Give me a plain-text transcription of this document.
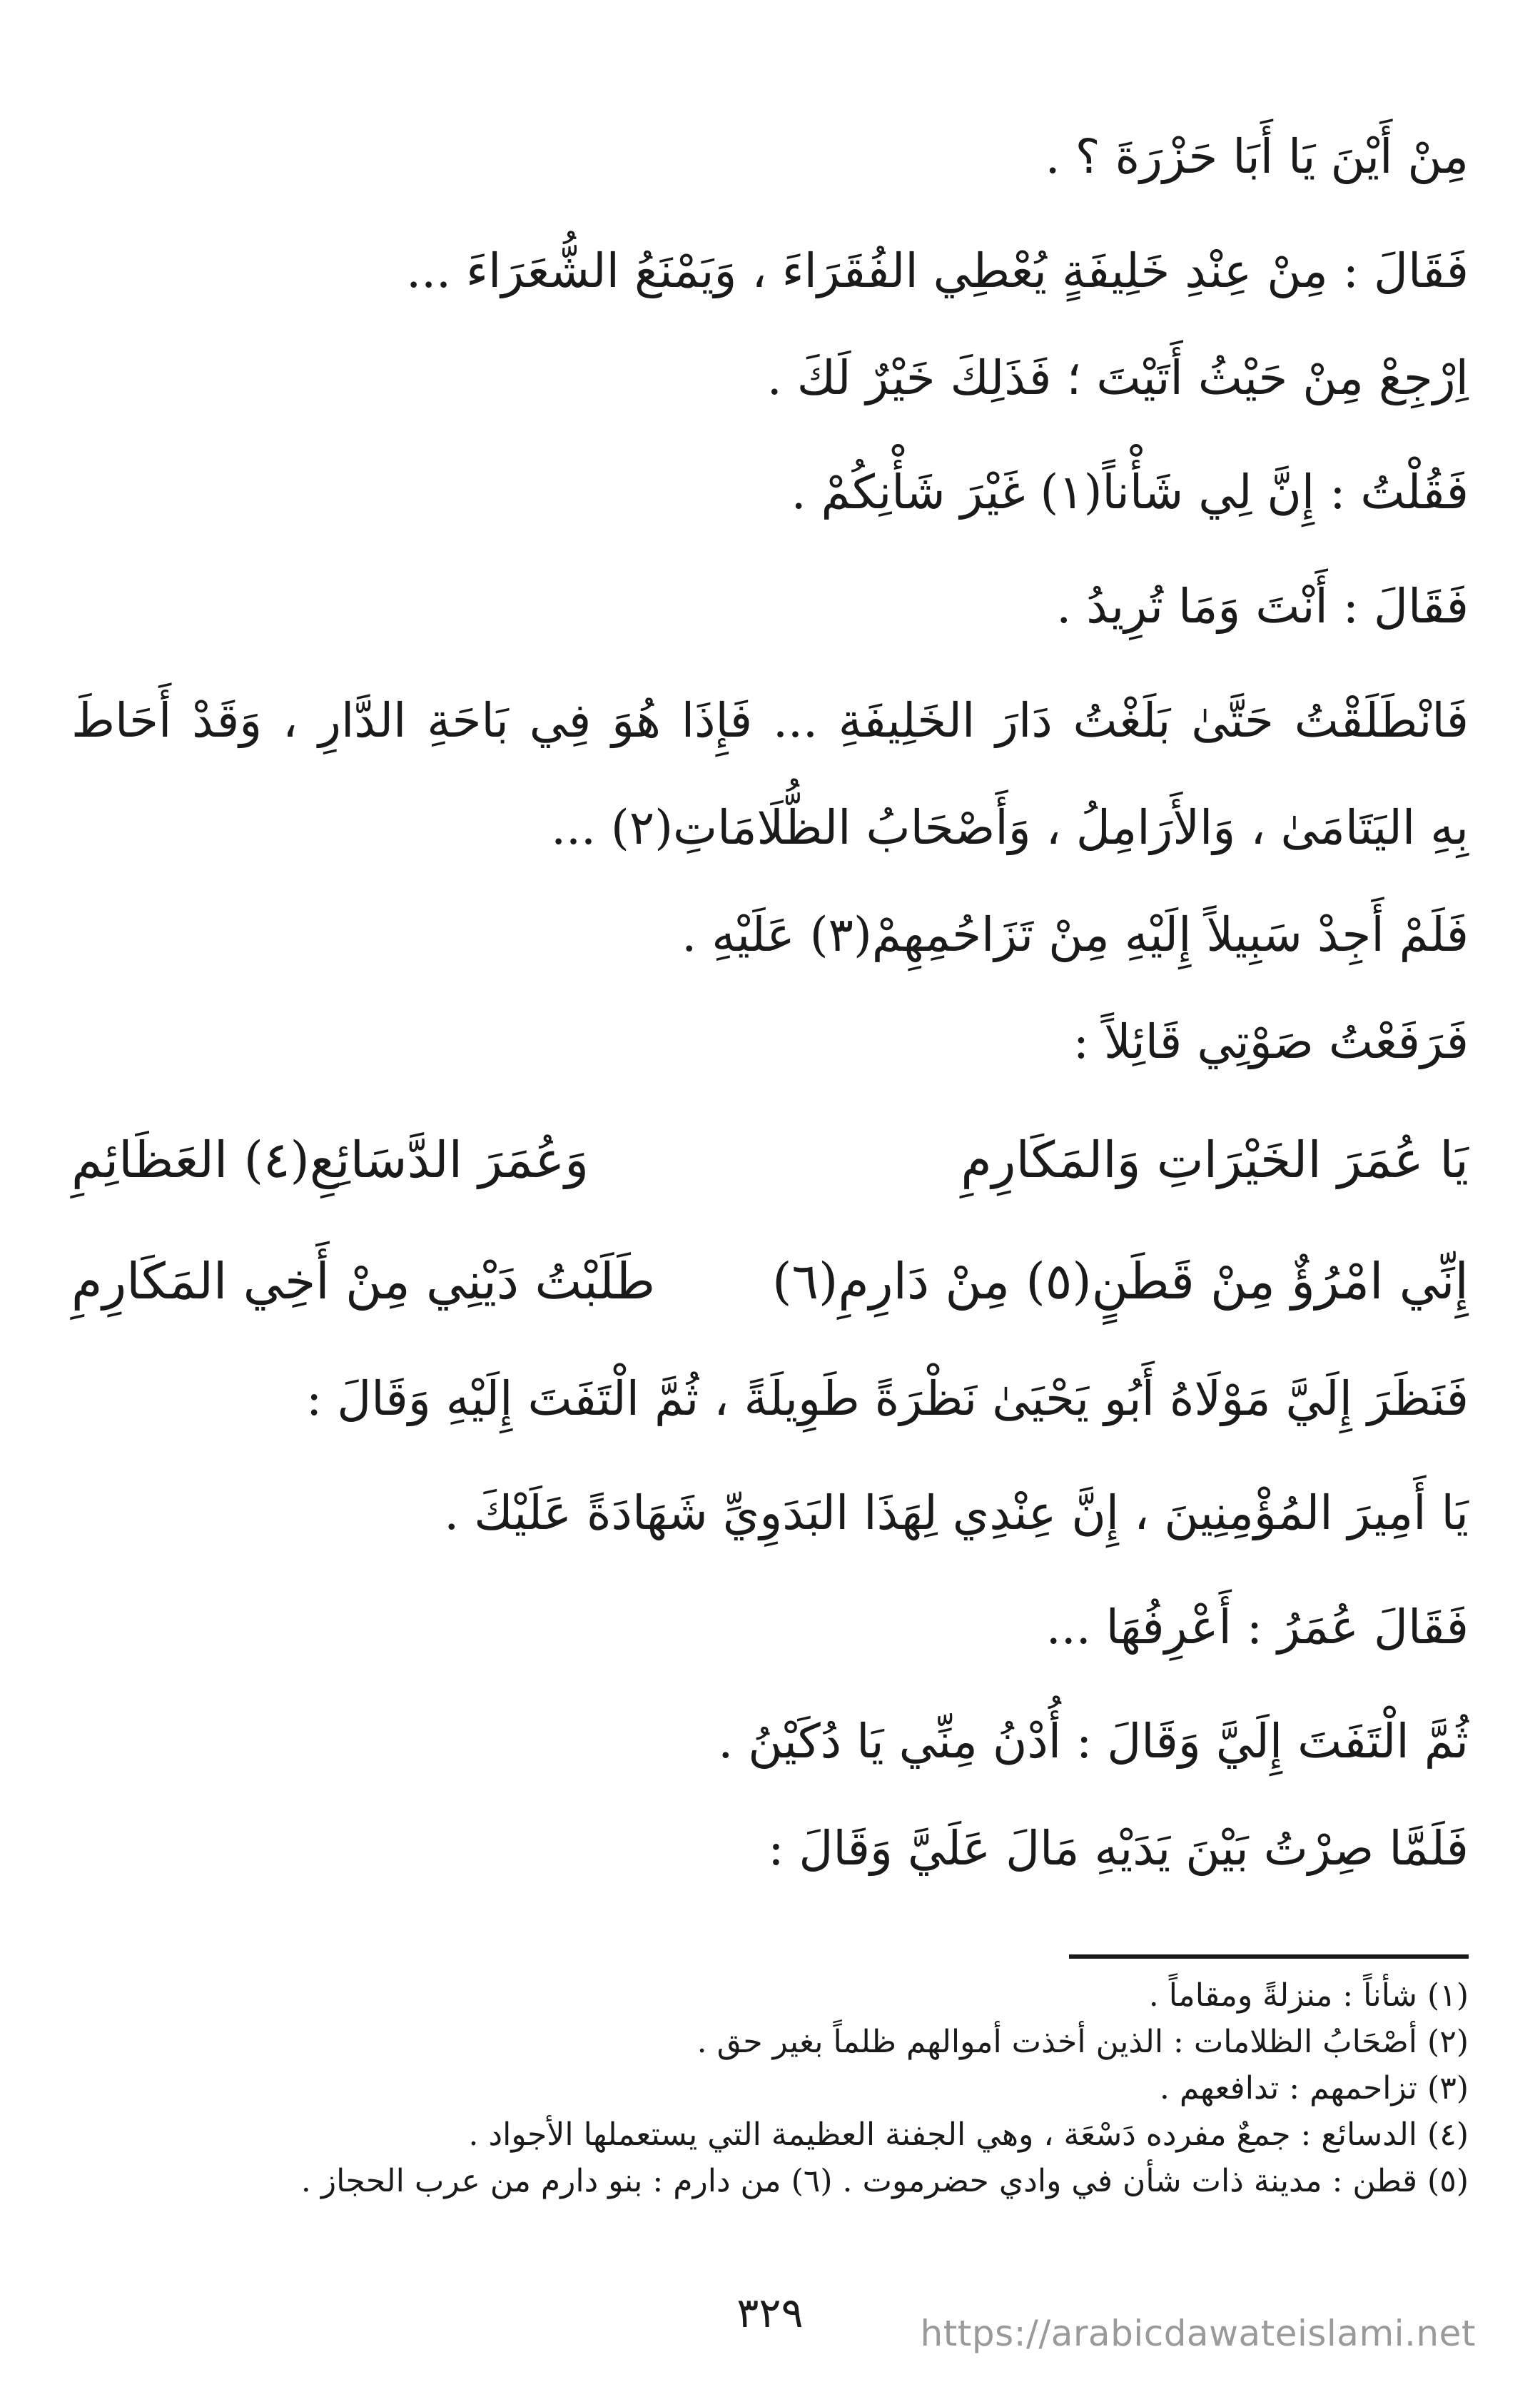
مِنْ أَيْنَ يَا أَبَا حَزْرَةَ ؟ .
فَقَالَ : مِنْ عِنْدِ خَلِيفَةٍ يُعْطِي الفُقَرَاءَ ، وَيَمْنَعُ الشُّعَرَاءَ ...
اِرْجِعْ مِنْ حَيْثُ أَتَيْتَ ؛ فَذَلِكَ خَيْرٌ لَكَ .
فَقُلْتُ : إِنَّ لِي شَأْناً(١) غَيْرَ شَأْنِكُمْ .
فَقَالَ : أَنْتَ وَمَا تُرِيدُ .
فَانْطَلَقْتُ حَتَّىٰ بَلَغْتُ دَارَ الخَلِيفَةِ ... فَإِذَا هُوَ فِي بَاحَةِ الدَّارِ ، وَقَدْ أَحَاطَ
بِهِ اليَتَامَىٰ ، وَالأَرَامِلُ ، وَأَصْحَابُ الظُّلَامَاتِ(٢) ...
فَلَمْ أَجِدْ سَبِيلاً إِلَيْهِ مِنْ تَزَاحُمِهِمْ(٣) عَلَيْهِ .
فَرَفَعْتُ صَوْتِي قَائِلاً :
يَا عُمَرَ الخَيْرَاتِ وَالمَكَارِمِ
وَعُمَرَ الدَّسَائِعِ(٤) العَظَائِمِ
إِنِّي امْرُؤٌ مِنْ قَطَنٍ(٥) مِنْ دَارِمِ(٦)
طَلَبْتُ دَيْنِي مِنْ أَخِي المَكَارِمِ
فَنَظَرَ إِلَيَّ مَوْلَاهُ أَبُو يَحْيَىٰ نَظْرَةً طَوِيلَةً ، ثُمَّ الْتَفَتَ إِلَيْهِ وَقَالَ :
يَا أَمِيرَ المُؤْمِنِينَ ، إِنَّ عِنْدِي لِهَذَا البَدَوِيِّ شَهَادَةً عَلَيْكَ .
فَقَالَ عُمَرُ : أَعْرِفُهَا ...
ثُمَّ الْتَفَتَ إِلَيَّ وَقَالَ : أُدْنُ مِنِّي يَا دُكَيْنُ .
فَلَمَّا صِرْتُ بَيْنَ يَدَيْهِ مَالَ عَلَيَّ وَقَالَ :
(١) شأناً : منزلةً ومقاماً .
(٢) أصْحَابُ الظلامات : الذين أخذت أموالهم ظلماً بغير حق .
(٣) تزاحمهم : تدافعهم .
(٤) الدسائع : جمعٌ مفرده دَسْعَة ، وهي الجفنة العظيمة التي يستعملها الأجواد .
(٥) قطن : مدينة ذات شأن في وادي حضرموت . (٦) من دارم : بنو دارم من عرب الحجاز .
٣٢٩	https://arabicdawateislami.net
